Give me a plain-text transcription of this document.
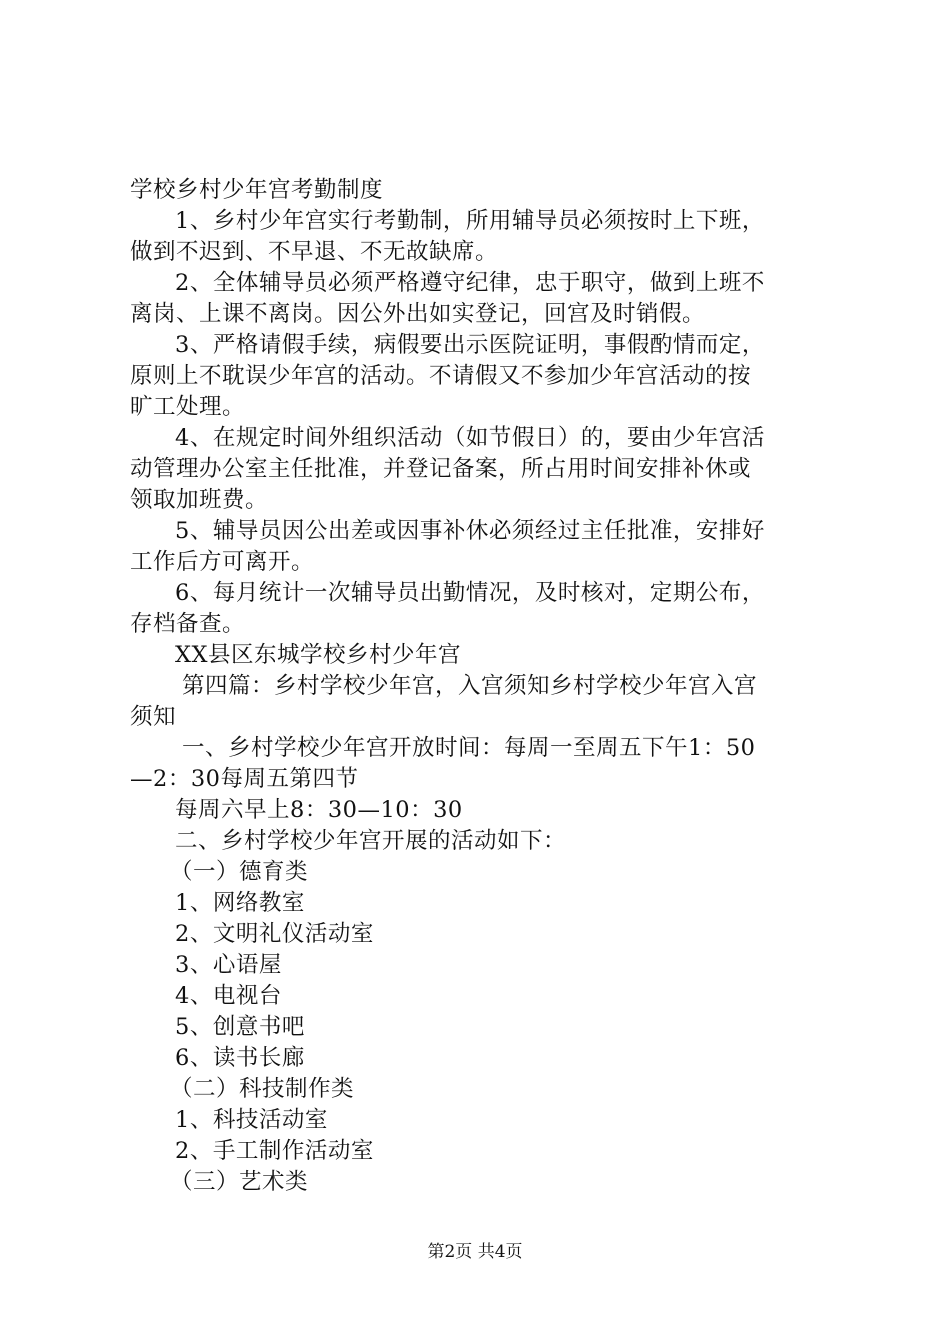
学校乡村少年宫考勤制度
1、乡村少年宫实行考勤制，所用辅导员必须按时上下班，
做到不迟到、不早退、不无故缺席。
2、全体辅导员必须严格遵守纪律，忠于职守，做到上班不
离岗、上课不离岗。因公外出如实登记，回宫及时销假。
3、严格请假手续，病假要出示医院证明，事假酌情而定，
原则上不耽误少年宫的活动。不请假又不参加少年宫活动的按
旷工处理。
4、在规定时间外组织活动（如节假日）的，要由少年宫活
动管理办公室主任批准，并登记备案，所占用时间安排补休或
领取加班费。
5、辅导员因公出差或因事补休必须经过主任批准，安排好
工作后方可离开。
6、每月统计一次辅导员出勤情况，及时核对，定期公布，
存档备查。
XX县区东城学校乡村少年宫
第四篇：乡村学校少年宫，入宫须知乡村学校少年宫入宫
须知
一、乡村学校少年宫开放时间：每周一至周五下午1：50
—2：30每周五第四节
每周六早上8：30—10：30
二、乡村学校少年宫开展的活动如下：
（一）德育类
1、网络教室
2、文明礼仪活动室
3、心语屋
4、电视台
5、创意书吧
6、读书长廊
（二）科技制作类
1、科技活动室
2、手工制作活动室
（三）艺术类
第2页 共4页
